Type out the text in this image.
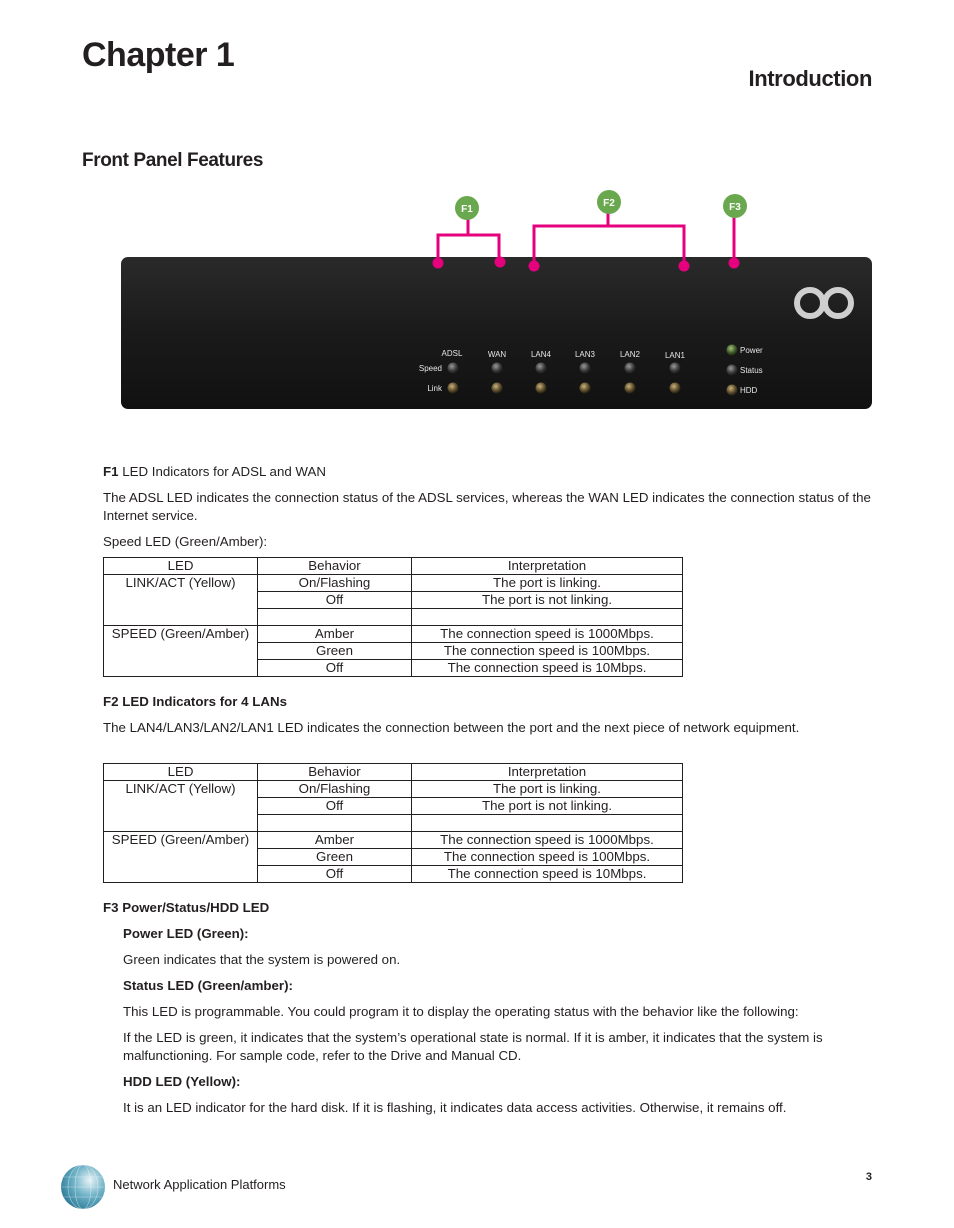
Chapter 1
Introduction
Front Panel Features
F1
F2	F3
ADSL	WAN	LAN4	LAN3	LAN2	LAN1
Speed
Link
Power
Status
HDD

F1 LED Indicators for ADSL and WAN

The ADSL LED indicates the connection status of the ADSL services, whereas the WAN LED indicates the connection status of the Internet service.

Speed LED (Green/Amber):

LED	Behavior	Interpretation
LINK/ACT (Yellow)	On/Flashing	The port is linking.
	Off	The port is not linking.

SPEED (Green/Amber)	Amber	The connection speed is 1000Mbps.
	Green	The connection speed is 100Mbps.
	Off	The connection speed is 10Mbps.

F2 LED Indicators for 4 LANs

The LAN4/LAN3/LAN2/LAN1 LED indicates the connection between the port and the next piece of network equipment.

LED	Behavior	Interpretation
LINK/ACT (Yellow)	On/Flashing	The port is linking.
	Off	The port is not linking.

SPEED (Green/Amber)	Amber	The connection speed is 1000Mbps.
	Green	The connection speed is 100Mbps.
	Off	The connection speed is 10Mbps.

F3 Power/Status/HDD LED

Power LED (Green):

Green indicates that the system is powered on.

Status LED (Green/amber):

This LED is programmable. You could program it to display the operating status with the behavior like the following:

If the LED is green, it indicates that the system’s operational state is normal. If it is amber, it indicates that the system is malfunctioning. For sample code, refer to the Drive and Manual CD.

HDD LED (Yellow):

It is an LED indicator for the hard disk. If it is flashing, it indicates data access activities. Otherwise, it remains off.

Network Application Platforms	3
